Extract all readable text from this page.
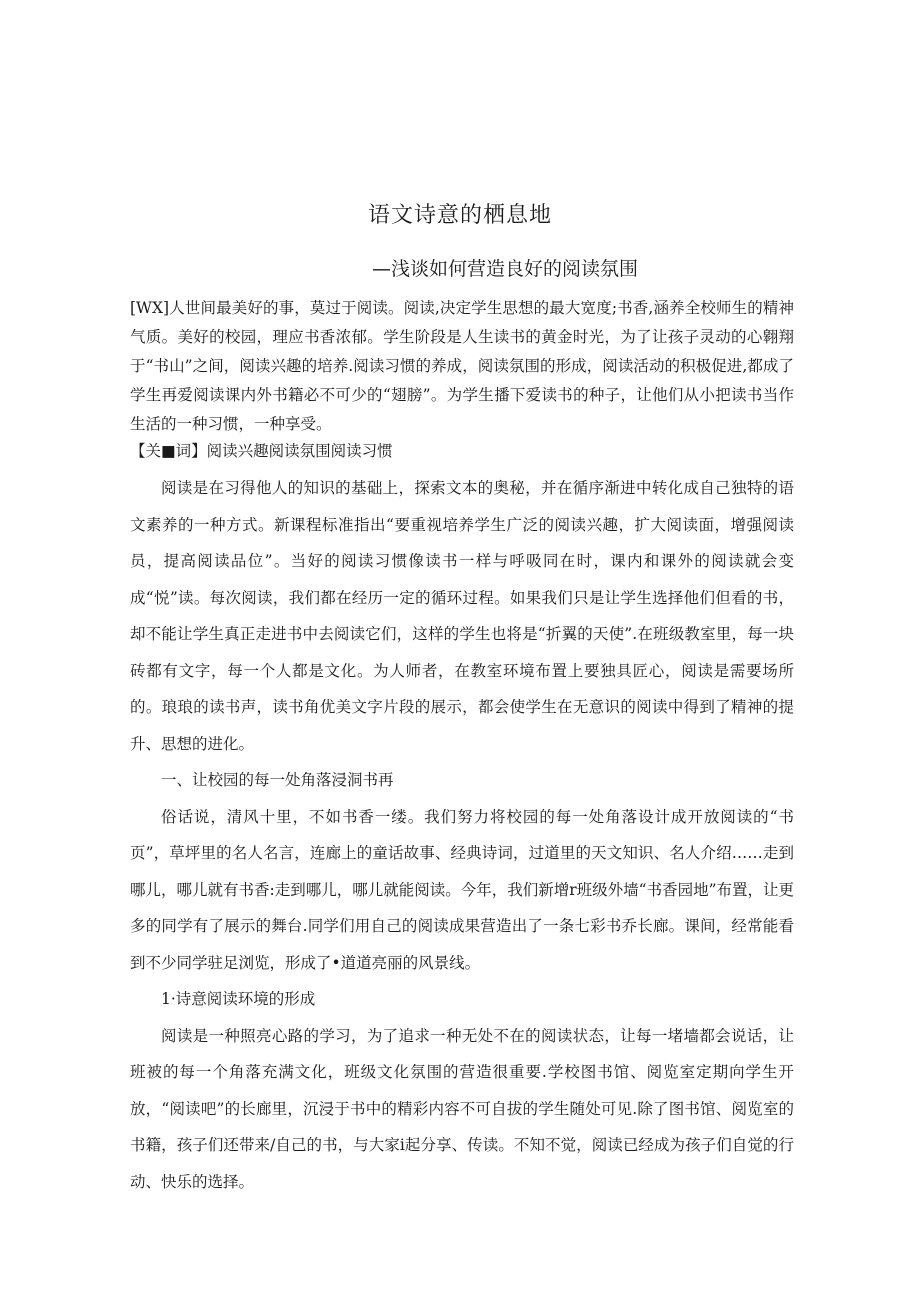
语文诗意的栖息地
—浅谈如何营造良好的阅读氛围

[WX]人世间最美好的事，莫过于阅读。阅读,决定学生思想的最大宽度;书香,涵养全校师生的精神气质。美好的校园，理应书香浓郁。学生阶段是人生读书的黄金时光，为了让孩子灵动的心翱翔于“书山”之间，阅读兴趣的培养.阅读习惯的养成，阅读氛围的形成，阅读活动的积极促进,都成了学生再爱阅读课内外书籍必不可少的“翅膀”。为学生播下爱读书的种子，让他们从小把读书当作生活的一种习惯，一种享受。

【关■词】阅读兴趣阅读氛围阅读习惯

阅读是在习得他人的知识的基础上，探索文本的奥秘，并在循序渐进中转化成自己独特的语文素养的一种方式。新课程标准指出“要重视培养学生广泛的阅读兴趣，扩大阅读面，增强阅读员，提高阅读品位”。当好的阅读习惯像读书一样与呼吸同在时，课内和课外的阅读就会变成“悦”读。每次阅读，我们都在经历一定的循环过程。如果我们只是让学生选择他们但看的书，却不能让学生真正走进书中去阅读它们，这样的学生也将是“折翼的天使”.在班级教室里，每一块砖都有文字，每一个人都是文化。为人师者，在教室环境布置上要独具匠心，阅读是需要场所的。琅琅的读书声，读书角优美文字片段的展示，都会使学生在无意识的阅读中得到了精神的提升、思想的进化。

一、让校园的每一处角落浸洞书再

俗话说，清风十里，不如书香一缕。我们努力将校园的每一处角落设计成开放阅读的“书页”，草坪里的名人名言，连廊上的童话故事、经典诗词，过道里的天文知识、名人介绍……走到哪儿，哪儿就有书香:走到哪儿，哪儿就能阅读。今年，我们新增r班级外墙“书香园地”布置，让更多的同学有了展示的舞台.同学们用自己的阅读成果营造出了一条七彩书乔长廊。课间，经常能看到不少同学驻足浏览，形成了•道道亮丽的风景线。

1·诗意阅读环境的形成

阅读是一种照亮心路的学习，为了追求一种无处不在的阅读状态，让每一堵墙都会说话，让班被的每一个角落充满文化，班级文化氛围的营造很重要.学校图书馆、阅览室定期向学生开放，“阅读吧”的长廊里，沉浸于书中的精彩内容不可自拔的学生随处可见.除了图书馆、阅览室的书籍，孩子们还带来/自己的书，与大家i起分享、传读。不知不觉，阅读已经成为孩子们自觉的行动、快乐的选择。
